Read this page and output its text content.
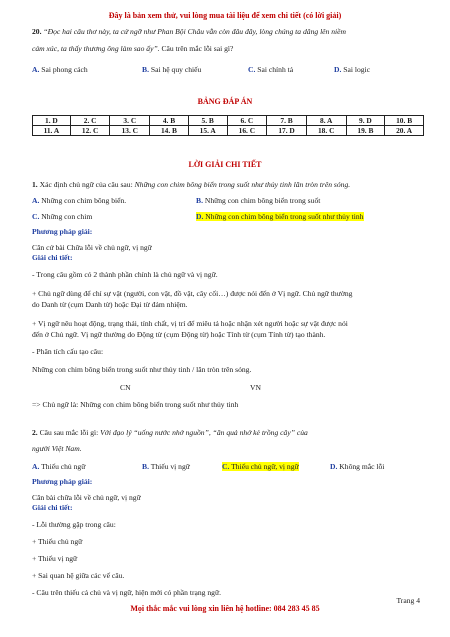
Đây là bản xem thử, vui lòng mua tài liệu để xem chi tiết (có lời giải)
20. “Đọc hai câu thơ này, ta cứ ngỡ như Phan Bội Châu vẫn còn đâu đây, lòng chúng ta dâng lên niềm
cảm xúc, ta thấy thương ông làm sao ấy”. Câu trên mắc lỗi sai gì?
A. Sai phong cách	B. Sai hệ quy chiếu	C. Sai chính tả	D. Sai logic
BẢNG ĐÁP ÁN
1. D	2. C	3. C	4. B	5. B	6. C	7. B	8. A	9. D	10. B
11. A	12. C	13. C	14. B	15. A	16. C	17. D	18. C	19. B	20. A
LỜI GIẢI CHI TIẾT
1. Xác định chủ ngữ của câu sau: Những con chim bông biển trong suốt như thủy tinh lăn tròn trên sóng.
A. Những con chim bông biển.	B. Những con chim bông biển trong suốt
C. Những con chim	D. Những con chim bông biển trong suốt như thủy tinh
Phương pháp giải:
Căn cứ bài Chữa lỗi về chủ ngữ, vị ngữ
Giải chi tiết:
- Trong câu gồm có 2 thành phần chính là chủ ngữ và vị ngữ.
+ Chủ ngữ dùng để chỉ sự vật (người, con vật, đồ vật, cây cối…) được nói đến ở Vị ngữ. Chủ ngữ thường
do Danh từ (cụm Danh từ) hoặc Đại từ đảm nhiệm.
+ Vị ngữ nêu hoạt động, trạng thái, tính chất, vị trí để miêu tả hoặc nhận xét người hoặc sự vật được nói
đến ở Chủ ngữ. Vị ngữ thường do Động từ (cụm Động từ) hoặc Tính từ (cụm Tính từ) tạo thành.
- Phân tích cấu tạo câu:
Những con chim bông biển trong suốt như thủy tinh / lăn tròn trên sóng.
CN	VN
=> Chủ ngữ là: Những con chim bông biển trong suốt như thủy tinh
2. Câu sau mắc lỗi gì: Với đạo lý “uống nước nhớ nguồn”, “ăn quả nhớ kẻ trồng cây” của
người Việt Nam.
A. Thiếu chủ ngữ	B. Thiếu vị ngữ	C. Thiếu chủ ngữ, vị ngữ	D. Không mắc lỗi
Phương pháp giải:
Căn bài chữa lỗi về chủ ngữ, vị ngữ
Giải chi tiết:
- Lỗi thường gặp trong câu:
+ Thiếu chủ ngữ
+ Thiếu vị ngữ
+ Sai quan hệ giữa các vế câu.
- Câu trên thiếu cả chủ và vị ngữ, hiện mới có phần trạng ngữ.
Trang 4
Mọi thắc mắc vui lòng xin liên hệ hotline: 084 283 45 85
